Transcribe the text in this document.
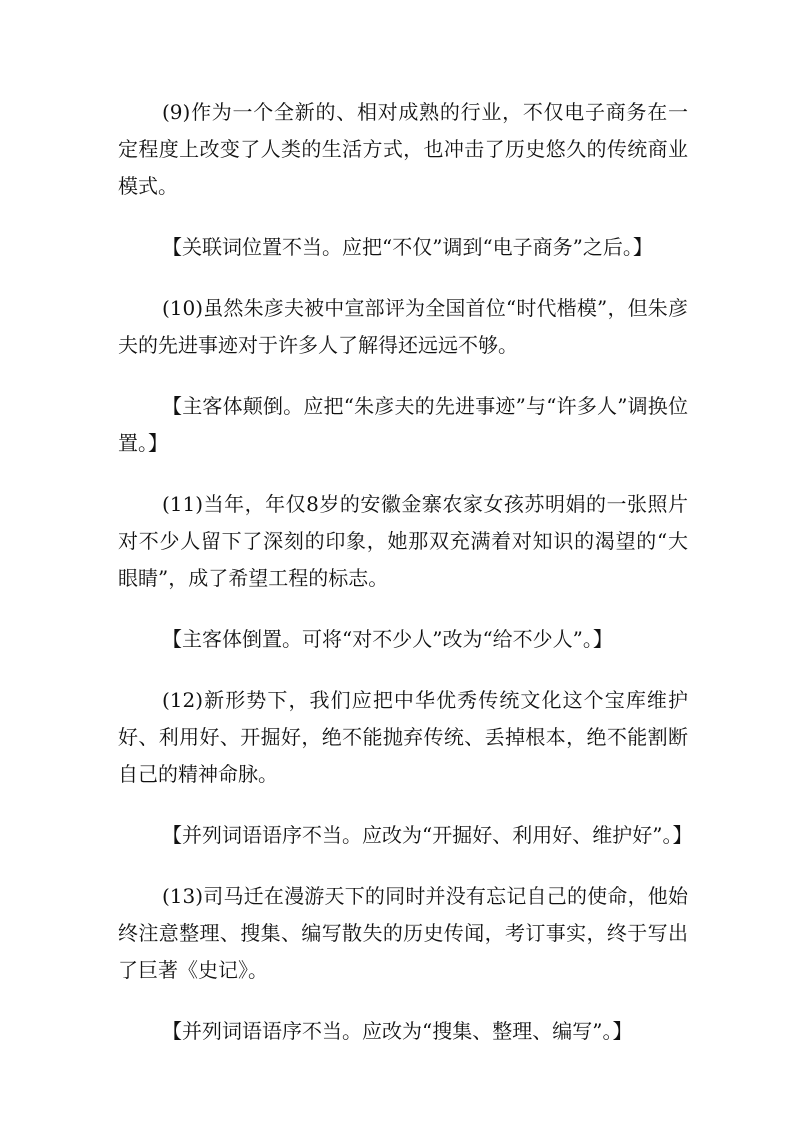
(9)作为一个全新的、相对成熟的行业，不仅电子商务在一定程度上改变了人类的生活方式，也冲击了历史悠久的传统商业模式。

【关联词位置不当。应把“不仅”调到“电子商务”之后。】

(10)虽然朱彦夫被中宣部评为全国首位“时代楷模”，但朱彦夫的先进事迹对于许多人了解得还远远不够。

【主客体颠倒。应把“朱彦夫的先进事迹”与“许多人”调换位置。】

(11)当年，年仅8岁的安徽金寨农家女孩苏明娟的一张照片对不少人留下了深刻的印象，她那双充满着对知识的渴望的“大眼睛”，成了希望工程的标志。

【主客体倒置。可将“对不少人”改为“给不少人”。】

(12)新形势下，我们应把中华优秀传统文化这个宝库维护好、利用好、开掘好，绝不能抛弃传统、丢掉根本，绝不能割断自己的精神命脉。

【并列词语语序不当。应改为“开掘好、利用好、维护好”。】

(13)司马迁在漫游天下的同时并没有忘记自己的使命，他始终注意整理、搜集、编写散失的历史传闻，考订事实，终于写出了巨著《史记》。

【并列词语语序不当。应改为“搜集、整理、编写”。】
